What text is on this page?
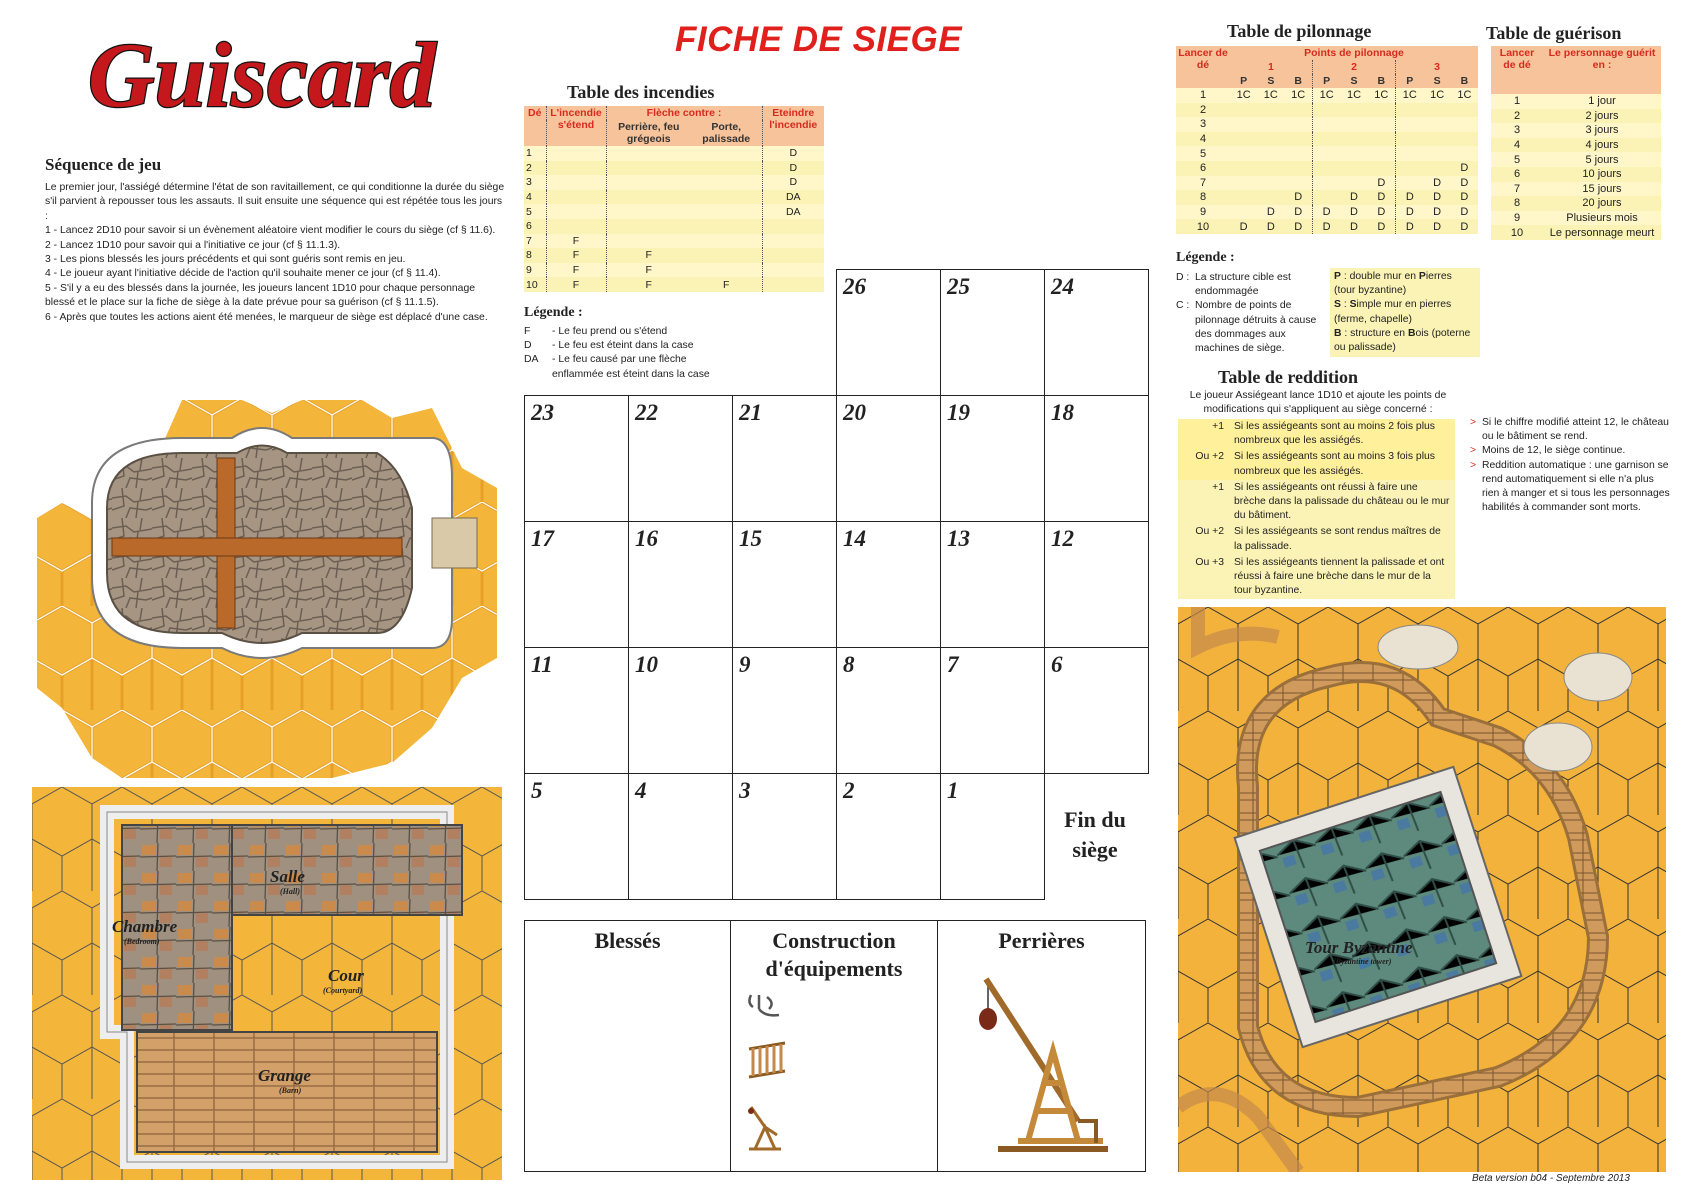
Guiscard	FICHE DE SIEGE
Séquence de jeu

Le premier jour, l'assiégé détermine l'état de son ravitaillement, ce qui conditionne la durée du siège s'il parvient à repousser tous les assauts. Il suit ensuite une séquence qui est répétée tous les jours :

1 - Lancez 2D10 pour savoir si un évènement aléatoire vient modifier le cours du siège (cf § 11.6).

2 - Lancez 1D10 pour savoir qui a l'initiative ce jour (cf § 11.1.3).

3 - Les pions blessés les jours précédents et qui sont guéris sont remis en jeu.

4 - Le joueur ayant l'initiative décide de l'action qu'il souhaite mener ce jour (cf § 11.4).

5 - S'il y a eu des blessés dans la journée, les joueurs lancent 1D10 pour chaque personnage blessé et le place sur la fiche de siège à la date prévue pour sa guérison (cf § 11.1.5).

6 - Après que toutes les actions aient été menées, le marqueur de siège est déplacé d'une case.

Salle
(Hall)
Chambre
(Bedroom)
Cour
(Courtyard)
Grange
(Barn)
Table des incendies
Dé	L'incendie s'étend	Flèche contre :		Eteindre l'incendie
		Perrière, feu grégeois	Porte, palissade	
1				D
2				D
3				D
4				DA
5				DA
6				
7	F			
8	F	F		
9	F	F		
10	F	F	F	
Légende :
F	- Le feu prend ou s'étend
D	- Le feu est éteint dans la case
DA	- Le feu causé par une flèche enflammée est éteint dans la case
26	25	24
23	22	21	20	19	18
17	16	15	14	13	12
11	10	9	8	7	6
5	4	3	2	1
Fin du siège
Blessés	Construction d'équipements
Perrières
Table de pilonnage
Lancer de dé	Points de pilonnage								
	1			2			3		
	P	S	B	P	S	B	P	S	B
1	1C	1C	1C	1C	1C	1C	1C	1C	1C
2									
3									
4									
5									
6									D
7						D		D	D
8			D		D	D	D	D	D
9		D	D	D	D	D	D	D	D
10	D	D	D	D	D	D	D	D	D
Table de guérison
Lancer de dé	Le personnage guérit en :
1	1 jour
2	2 jours
3	3 jours
4	4 jours
5	5 jours
6	10 jours
7	15 jours
8	20 jours
9	Plusieurs mois
10	Le personnage meurt
Légende :
D : La structure cible est endommagée
C : Nombre de points de pilonnage détruits à cause des dommages aux machines de siège.
P : double mur en Pierres (tour byzantine)
S : Simple mur en pierres (ferme, chapelle)
B : structure en Bois (poterne ou palissade)
Table de reddition
Le joueur Assiégeant lance 1D10 et ajoute les points de modifications qui s'appliquent au siège concerné :
+1 Si les assiégeants sont au moins 2 fois plus nombreux que les assiégés.
Ou +2 Si les assiégeants sont au moins 3 fois plus nombreux que les assiégés.
+1 Si les assiégeants ont réussi à faire une brèche dans la palissade du château ou le mur du bâtiment.
Ou +2 Si les assiégeants se sont rendus maîtres de la palissade.
Ou +3 Si les assiégeants tiennent la palissade et ont réussi à faire une brèche dans le mur de la tour byzantine.
> Si le chiffre modifié atteint 12, le château ou le bâtiment se rend.
> Moins de 12, le siège continue.
> Reddition automatique : une garnison se rend automatiquement si elle n'a plus rien à manger et si tous les personnages habilités à commander sont morts.
Tour Byzantine
(Byzantine tower)
Beta version b04 - Septembre 2013
